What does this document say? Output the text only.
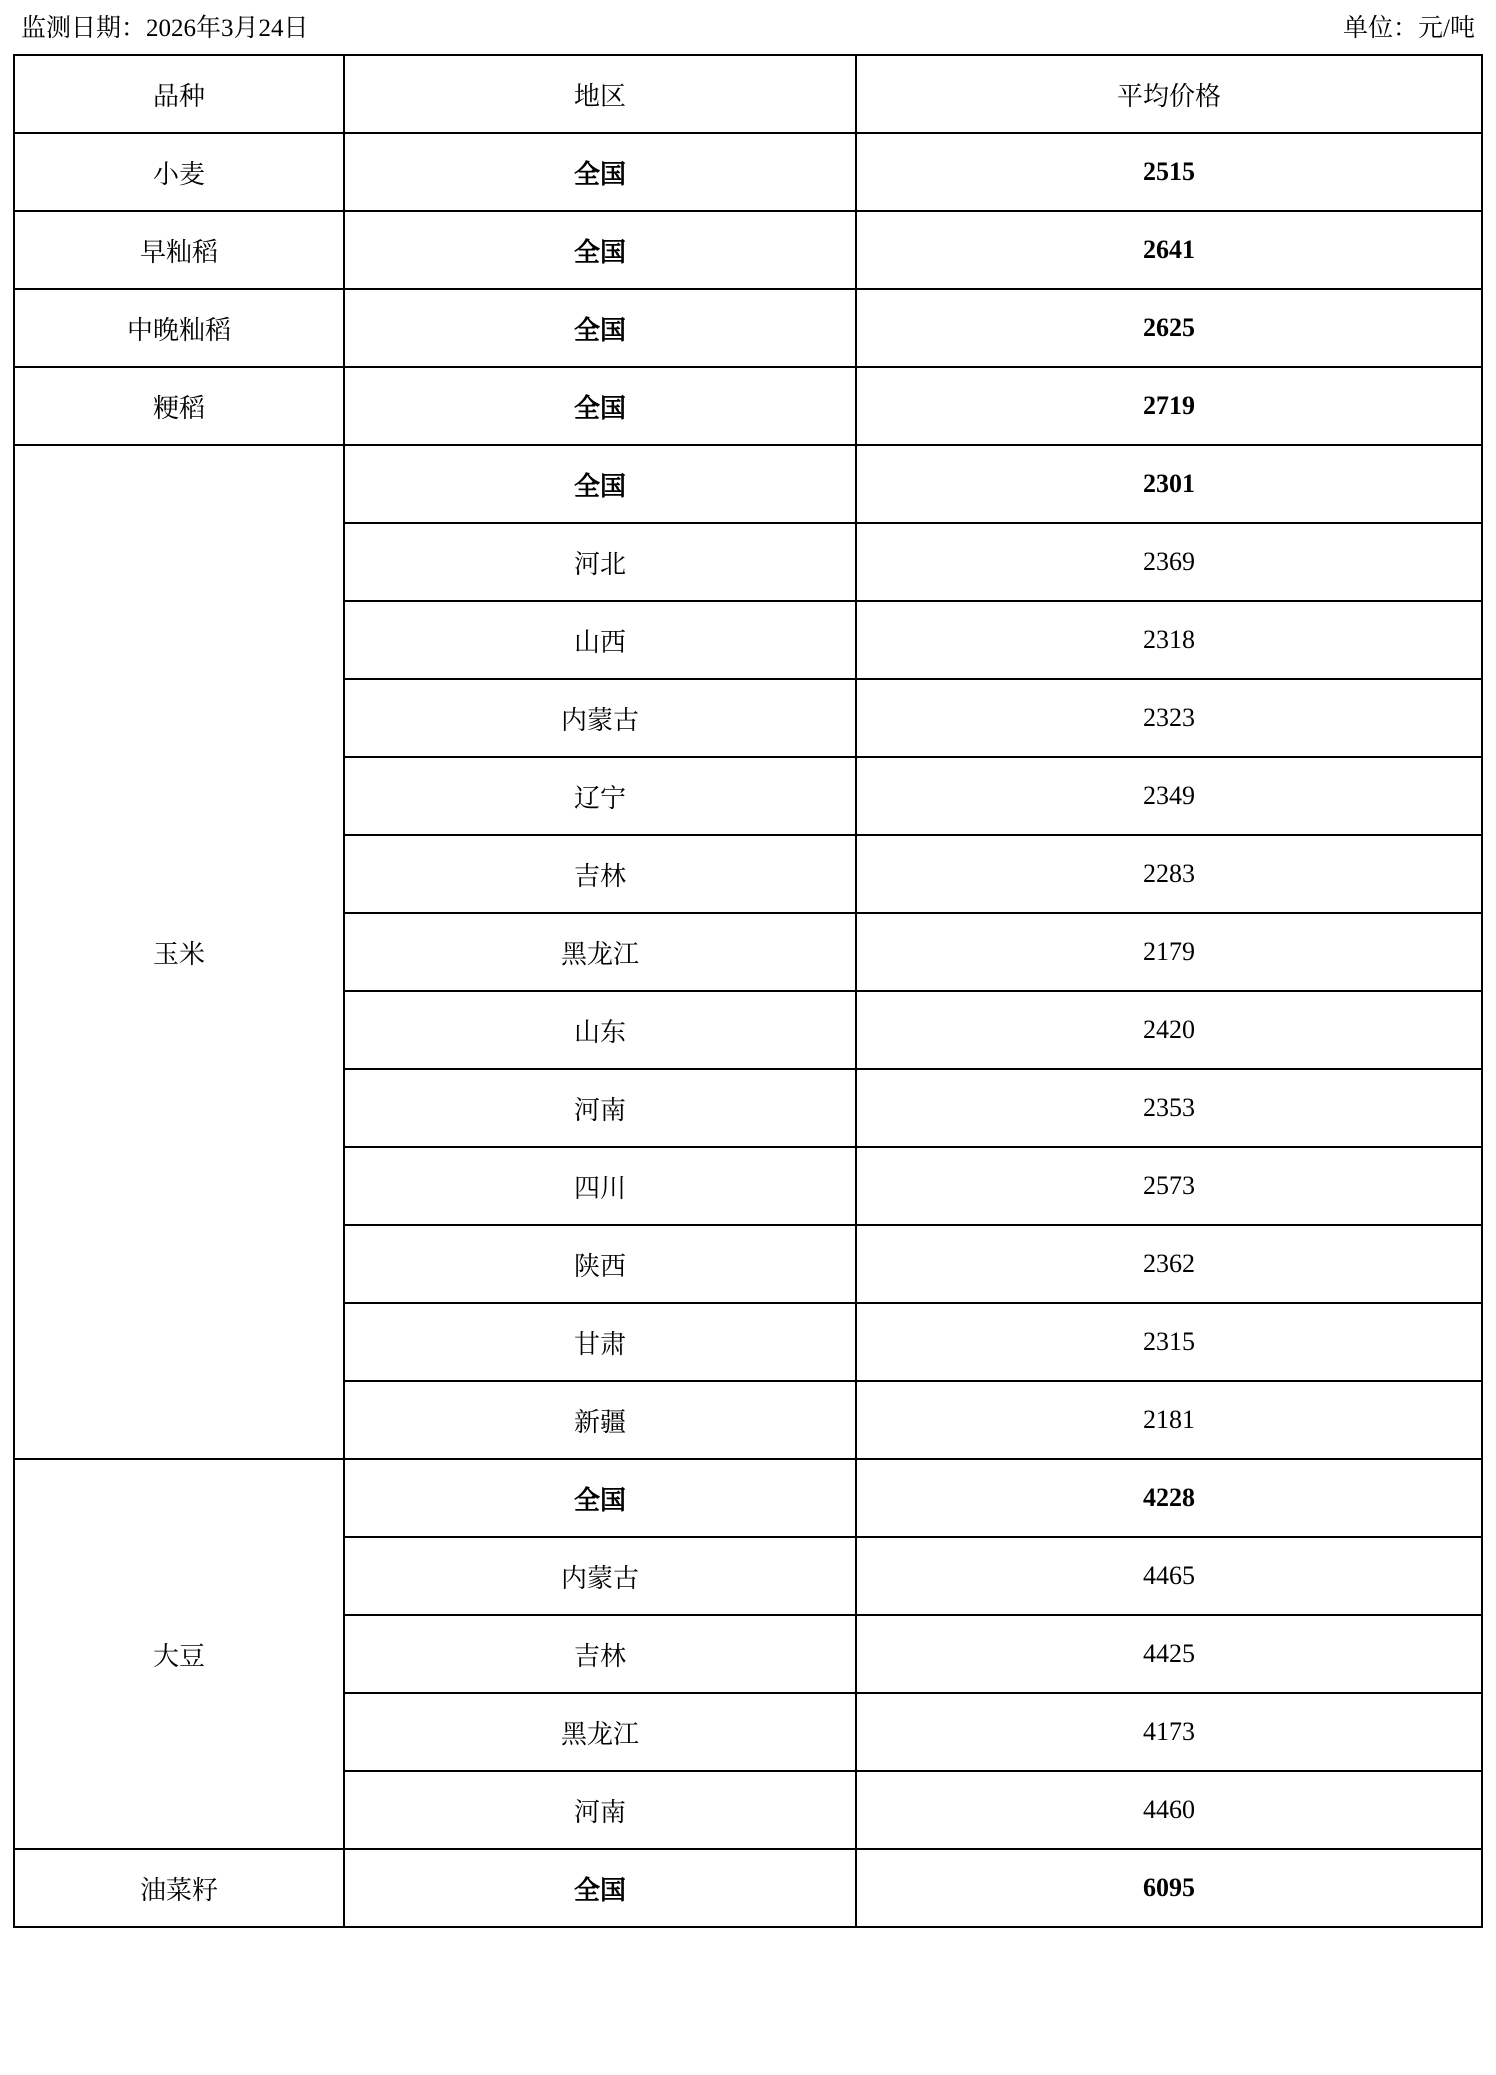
监测日期：2026年3月24日	单位：元/吨
品种	地区	平均价格
小麦	全国	2515
早籼稻	全国	2641
中晚籼稻	全国	2625
粳稻	全国	2719
玉米	全国	2301
	河北	2369
	山西	2318
	内蒙古	2323
	辽宁	2349
	吉林	2283
	黑龙江	2179
	山东	2420
	河南	2353
	四川	2573
	陕西	2362
	甘肃	2315
	新疆	2181
大豆	全国	4228
	内蒙古	4465
	吉林	4425
	黑龙江	4173
	河南	4460
油菜籽	全国	6095
